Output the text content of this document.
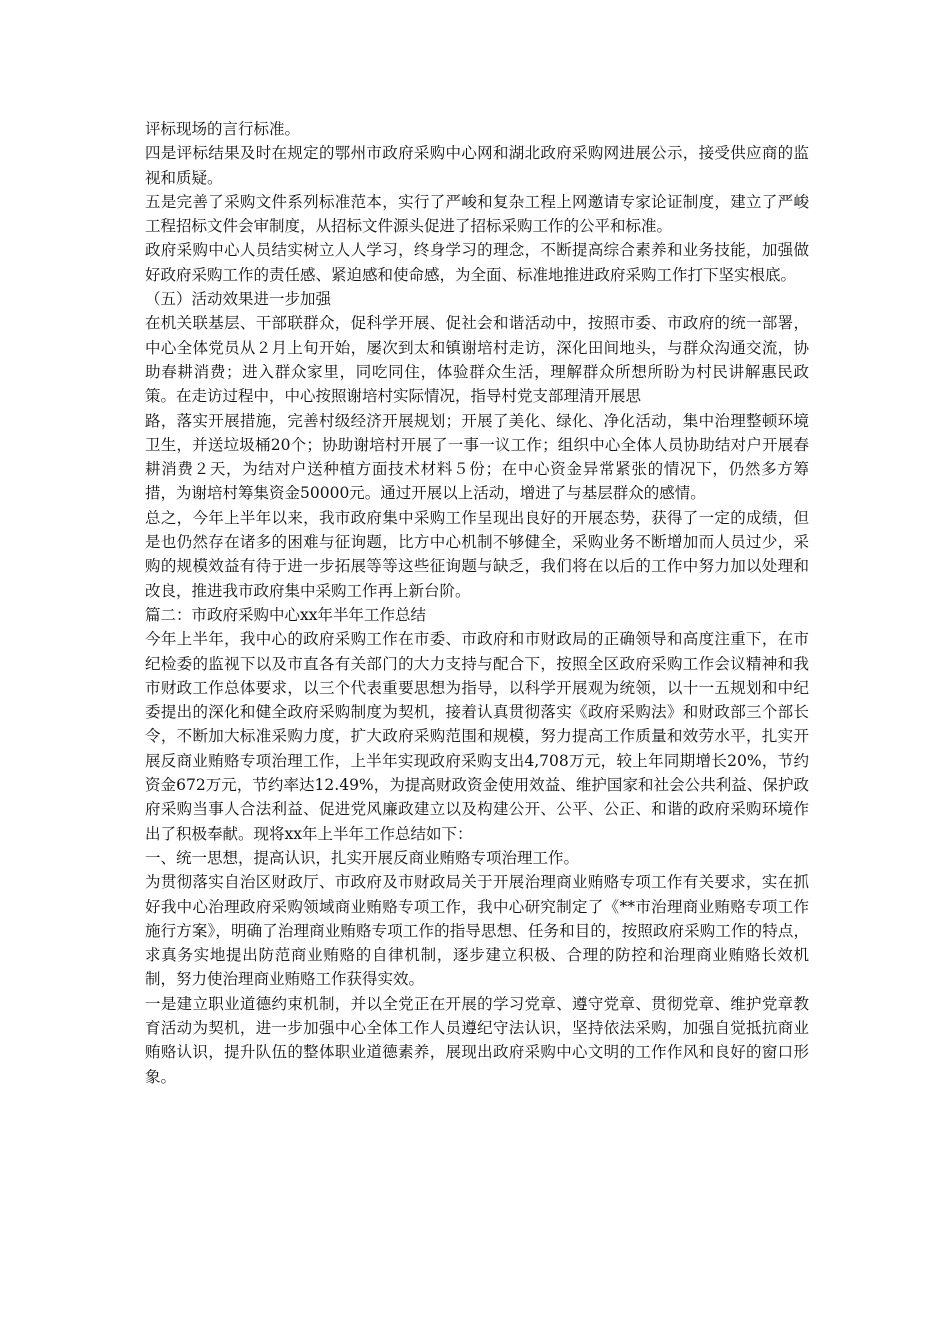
评标现场的言行标准。

四是评标结果及时在规定的鄂州市政府采购中心网和湖北政府采购网进展公示，接受供应商的监视和质疑。

五是完善了采购文件系列标准范本，实行了严峻和复杂工程上网邀请专家论证制度，建立了严峻工程招标文件会审制度，从招标文件源头促进了招标采购工作的公平和标准。

政府采购中心人员结实树立人人学习，终身学习的理念，不断提高综合素养和业务技能，加强做好政府采购工作的责任感、紧迫感和使命感，为全面、标准地推进政府采购工作打下坚实根底。

（五）活动效果进一步加强

在机关联基层、干部联群众，促科学开展、促社会和谐活动中，按照市委、市政府的统一部署，中心全体党员从２月上旬开始，屡次到太和镇谢培村走访，深化田间地头，与群众沟通交流，协助春耕消费；进入群众家里，同吃同住，体验群众生活，理解群众所想所盼为村民讲解惠民政策。在走访过程中，中心按照谢培村实际情况，指导村党支部理清开展思

路，落实开展措施，完善村级经济开展规划；开展了美化、绿化、净化活动，集中治理整顿环境卫生，并送垃圾桶20个；协助谢培村开展了一事一议工作；组织中心全体人员协助结对户开展春耕消费２天，为结对户送种植方面技术材料５份；在中心资金异常紧张的情况下，仍然多方筹措，为谢培村筹集资金50000元。通过开展以上活动，增进了与基层群众的感情。

总之，今年上半年以来，我市政府集中采购工作呈现出良好的开展态势，获得了一定的成绩，但是也仍然存在诸多的困难与征询题，比方中心机制不够健全，采购业务不断增加而人员过少，采购的规模效益有待于进一步拓展等等这些征询题与缺乏，我们将在以后的工作中努力加以处理和改良，推进我市政府集中采购工作再上新台阶。

篇二：市政府采购中心xx年半年工作总结

今年上半年，我中心的政府采购工作在市委、市政府和市财政局的正确领导和高度注重下，在市纪检委的监视下以及市直各有关部门的大力支持与配合下，按照全区政府采购工作会议精神和我市财政工作总体要求，以三个代表重要思想为指导，以科学开展观为统领，以十一五规划和中纪委提出的深化和健全政府采购制度为契机，接着认真贯彻落实《政府采购法》和财政部三个部长令，不断加大标准采购力度，扩大政府采购范围和规模，努力提高工作质量和效劳水平，扎实开展反商业贿赂专项治理工作，上半年实现政府采购支出4,708万元，较上年同期增长20%，节约资金672万元，节约率达12.49%，为提高财政资金使用效益、维护国家和社会公共利益、保护政府采购当事人合法利益、促进党风廉政建立以及构建公开、公平、公正、和谐的政府采购环境作出了积极奉献。现将xx年上半年工作总结如下：

一、统一思想，提高认识，扎实开展反商业贿赂专项治理工作。

为贯彻落实自治区财政厅、市政府及市财政局关于开展治理商业贿赂专项工作有关要求，实在抓好我中心治理政府采购领域商业贿赂专项工作，我中心研究制定了《**市治理商业贿赂专项工作施行方案》，明确了治理商业贿赂专项工作的指导思想、任务和目的，按照政府采购工作的特点，求真务实地提出防范商业贿赂的自律机制，逐步建立积极、合理的防控和治理商业贿赂长效机制，努力使治理商业贿赂工作获得实效。

一是建立职业道德约束机制，并以全党正在开展的学习党章、遵守党章、贯彻党章、维护党章教育活动为契机，进一步加强中心全体工作人员遵纪守法认识，坚持依法采购，加强自觉抵抗商业贿赂认识，提升队伍的整体职业道德素养，展现出政府采购中心文明的工作作风和良好的窗口形象。
